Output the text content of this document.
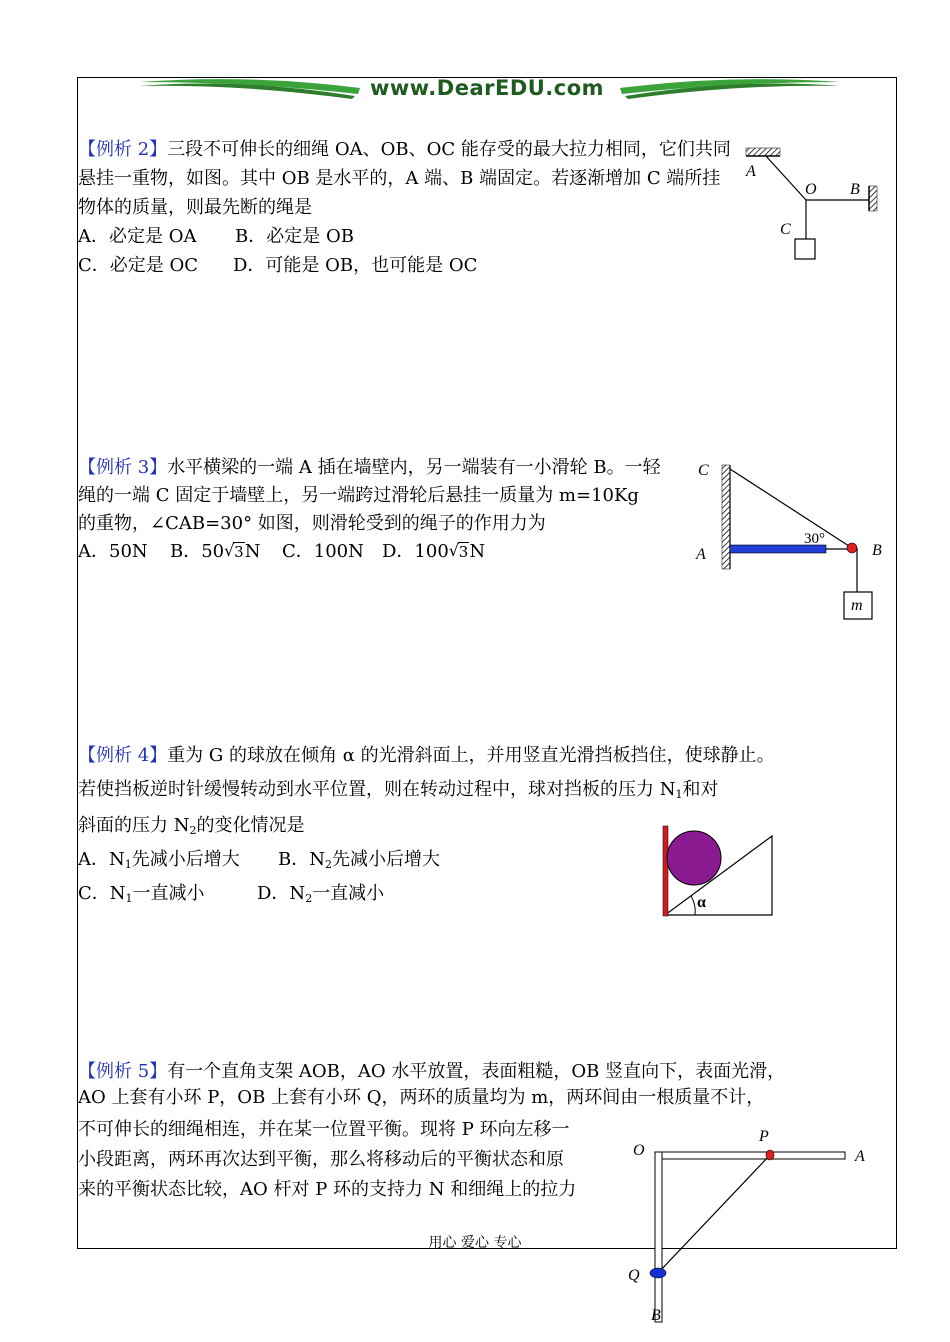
www.DearEDU.com
【例析 2】三段不可伸长的细绳 OA、OB、OC 能存受的最大拉力相同，它们共同
悬挂一重物，如图。其中 OB 是水平的，A 端、B 端固定。若逐渐增加 C 端所挂
物体的质量，则最先断的绳是
A．必定是 OA B．必定是 OB
C．必定是 OC D．可能是 OB，也可能是 OC
A
O B
C
【例析 3】水平横梁的一端 A 插在墙壁内，另一端装有一小滑轮 B。一轻
绳的一端 C 固定于墙壁上，另一端跨过滑轮后悬挂一质量为 m=10Kg
的重物，∠CAB=30° 如图，则滑轮受到的绳子的作用力为
A．50N B．50 √ 3N C．100N D．100 √ 3N
C
A	B
m
30°
【例析 4】重为 G 的球放在倾角 α 的光滑斜面上，并用竖直光滑挡板挡住，使球静止。
若使挡板逆时针缓慢转动到水平位置，则在转动过程中，球对挡板的压力 N1和对
斜面的压力 N2的变化情况是
A．N1先减小后增大 B．N2先减小后增大
C．N1一直减小	D．N2一直减小	α
【例析 5】有一个直角支架 AOB，AO 水平放置，表面粗糙，OB 竖直向下，表面光滑，
AO 上套有小环 P，OB 上套有小环 Q，两环的质量均为 m，两环间由一根质量不计，
不可伸长的细绳相连，并在某一位置平衡。现将 P 环向左移一
小段距离，两环再次达到平衡，那么将移动后的平衡状态和原
来的平衡状态比较，AO 杆对 P 环的支持力 N 和细绳上的拉力
O
P
A
Q
B
用心 爱心 专心
